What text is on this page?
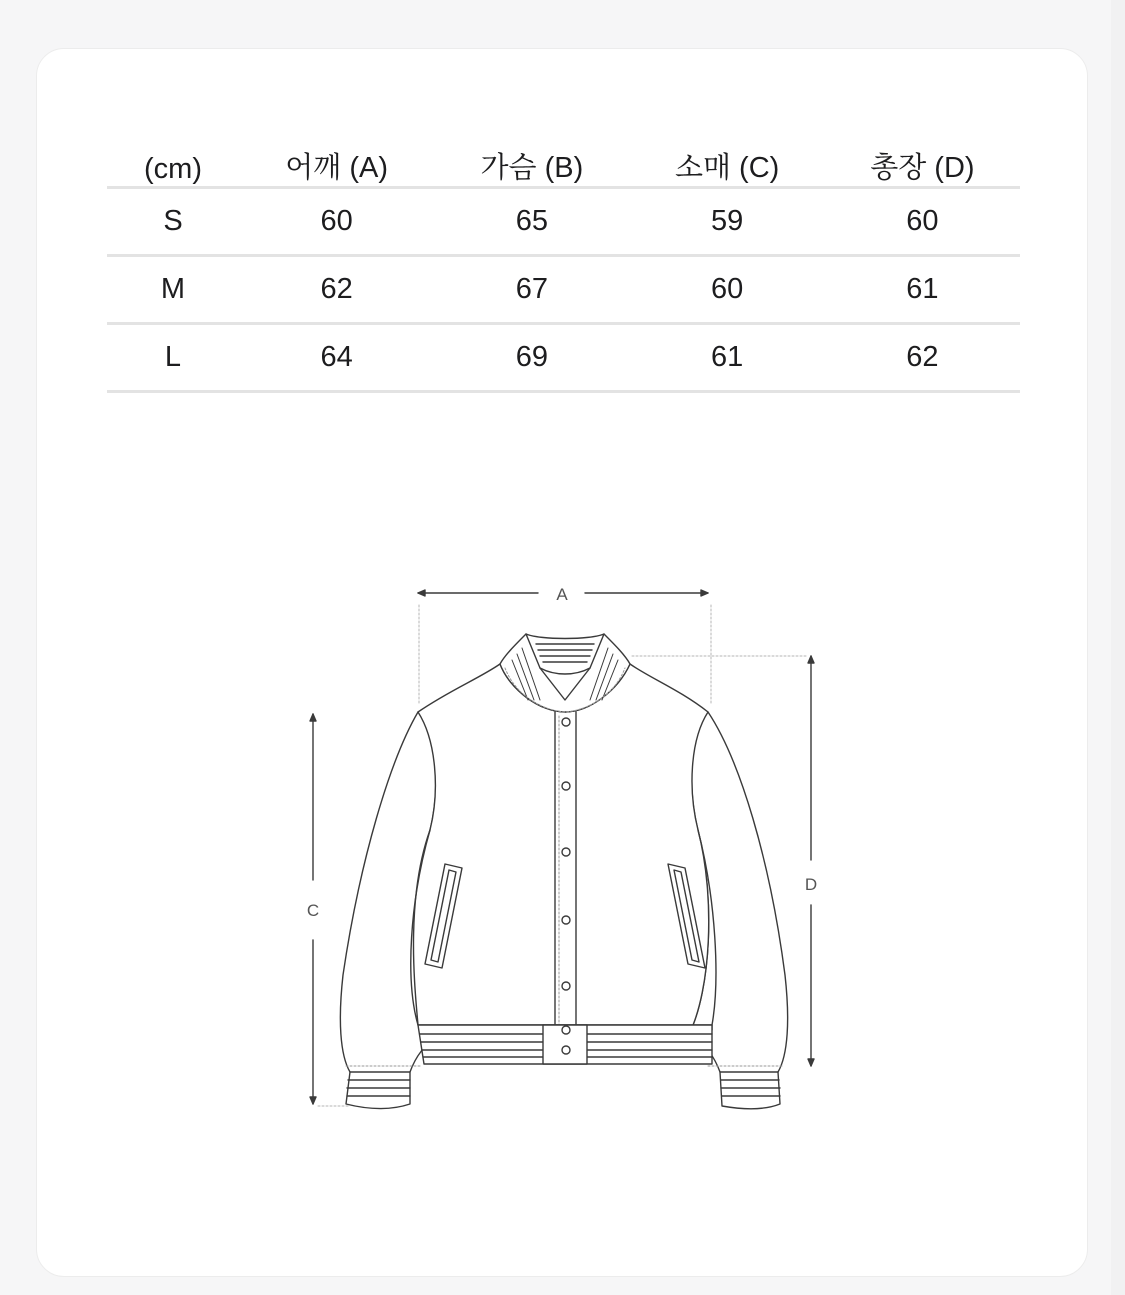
(cm)	어깨 (A)	가슴 (B)	소매 (C)	총장 (D)
S	60	65	59	60
M	62	67	60	61
L	64	69	61	62
A
C
D
